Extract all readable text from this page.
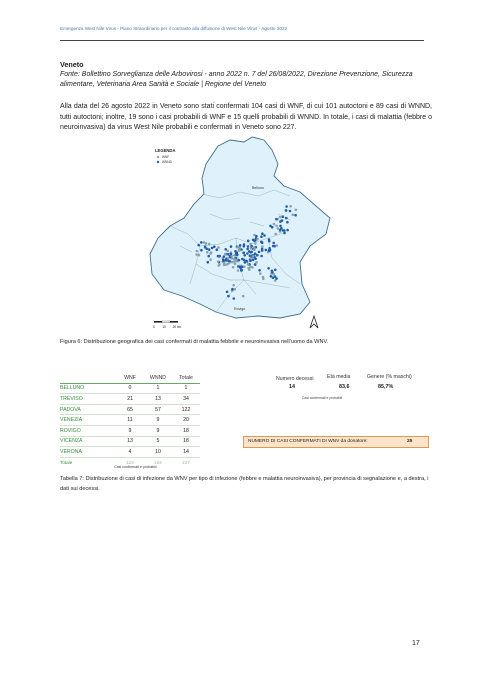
Emergenza West Nile Virus - Piano Straordinario per il contrasto alla diffusione di West Nile Virus - Agosto 2022
Veneto
Fonte: Bollettino Sorveglianza delle Arbovirosi - anno 2022 n. 7 del 26/08/2022, Direzione Prevenzione, Sicurezza alimentare, Veterinaria Area Sanità e Sociale | Regione del Veneto
Alla data del 26 agosto 2022 in Veneto sono stati confermati 104 casi di WNF, di cui 101 autoctoni e 89 casi di WNND, tutti autoctoni; inoltre, 19 sono i casi probabili di WNF e 15 quelli probabili di WNND. In totale, i casi di malattia (febbre o neuroinvasiva) da virus West Nile probabili e confermati in Veneto sono 227.
LEGENDA
WNF
WNND
Belluno
Rovigo
0 10 20 km
Figura 6: Distribuzione geografica dei casi confermati di malattia febbrile e neuroinvasiva nell'uomo da WNV.
	WNF	WNND	Totale
BELLUNO	0	1	1
TREVISO	21	13	34
PADOVA	65	57	122
VENEZIA	11	9	20
ROVIGO	9	9	18
VICENZA	13	5	18
VERONA	4	10	14
Totale	123	104	227
Casi confermati e probabili
Numero decessi	Età media	Genere (% maschi)
14	83,6	85,7%
Casi confermati e probabili
NUMERO DI CASI CONFERMATI DI WNV da donatore:	25
Tabella 7: Distribuzione di casi di infezione da WNV per tipo di infezione (febbre e malattia neuroinvasiva), per provincia di segnalazione e, a destra, i dati sui decessi.
17
